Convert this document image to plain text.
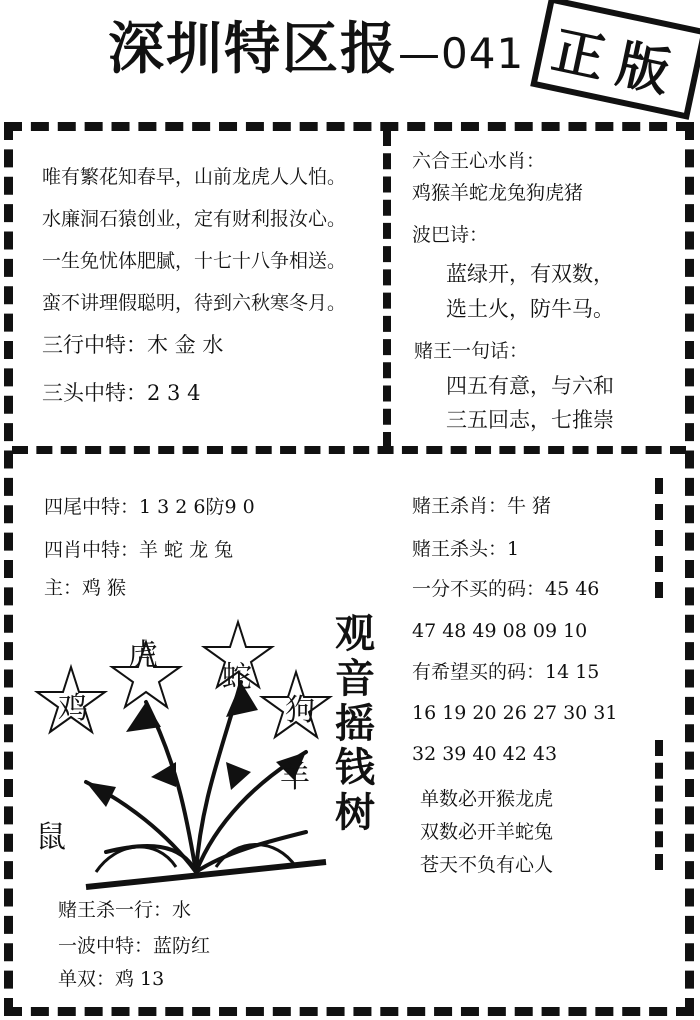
深圳特区报—041 正版
唯有繁花知春早，山前龙虎人人怕。
水廉洞石猿创业，定有财利报汝心。
一生免忧体肥腻，十七十八争相送。
蛮不讲理假聪明，待到六秋寒冬月。
三行中特：木 金 水
三头中特：2 3 4
六合王心水肖：
鸡猴羊蛇龙兔狗虎猪
波巴诗：
蓝绿开，有双数，
选土火，防牛马。
赌王一句话：
四五有意，与六和
三五回志，七推崇
四尾中特：1 3 2 6防9 0
四肖中特：羊 蛇 龙 兔
主：鸡 猴
虎
蛇
鸡	狗
羊
鼠
观
音
摇
钱
树
赌王杀一行：水
一波中特：蓝防红
单双：鸡 13
赌王杀肖：牛 猪
赌王杀头：1
一分不买的码：45 46
47 48 49 08 09 10
有希望买的码：14 15
16 19 20 26 27 30 31
32 39 40 42 43
单数必开猴龙虎
双数必开羊蛇兔
苍天不负有心人
